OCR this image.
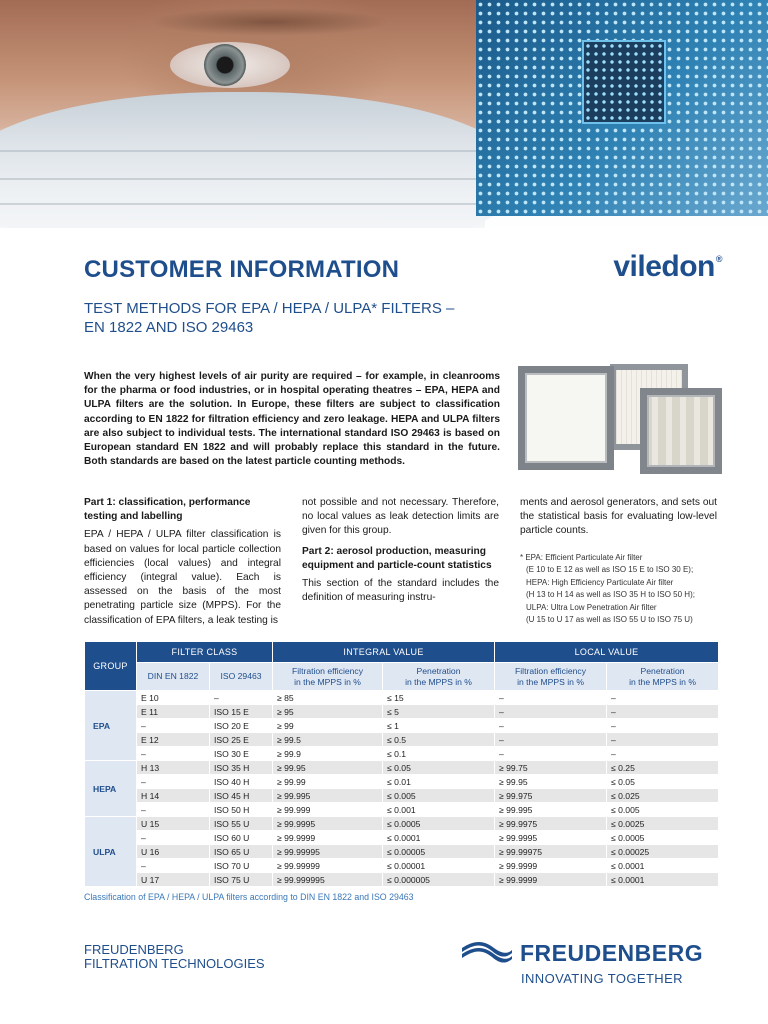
CUSTOMER INFORMATION
TEST METHODS FOR EPA / HEPA / ULPA* FILTERS –
EN 1822 AND ISO 29463
viledon®

When the very highest levels of air purity are required – for example, in cleanrooms for the pharma or food industries, or in hospital operating theatres – EPA, HEPA and ULPA filters are the solution. In Europe, these filters are subject to classification according to EN 1822 for filtration efficiency and zero leakage. HEPA and ULPA filters are also subject to individual tests. The international standard ISO 29463 is based on European standard EN 1822 and will probably replace this standard in the future. Both standards are based on the latest particle counting methods.

Part 1: classification, performance testing and labelling

EPA / HEPA / ULPA filter classification is based on values for local particle collection efficiencies (local values) and integral efficiency (integral value). Each is assessed on the basis of the most penetrating particle size (MPPS). For the classification of EPA filters, a leak testing is

not possible and not necessary. Therefore, no local values as leak detection limits are given for this group.

Part 2: aerosol production, measuring equipment and particle-count statistics

This section of the standard includes the definition of measuring instru-

ments and aerosol generators, and sets out the statistical basis for evaluating low-level particle counts.

* EPA: Efficient Particulate Air filter
(E 10 to E 12 as well as ISO 15 E to ISO 30 E);
HEPA: High Efficiency Particulate Air filter
(H 13 to H 14 as well as ISO 35 H to ISO 50 H);
ULPA: Ultra Low Penetration Air filter
(U 15 to U 17 as well as ISO 55 U to ISO 75 U)
GROUP	FILTER CLASS		INTEGRAL VALUE		LOCAL VALUE	
	DIN EN 1822	ISO 29463	Filtration efficiency
in the MPPS in %	Penetration
in the MPPS in %	Filtration efficiency
in the MPPS in %	Penetration
in the MPPS in %
EPA	E 10	–	≥ 85	≤ 15	–	–
	E 11	ISO 15 E	≥ 95	≤ 5	–	–
	–	ISO 20 E	≥ 99	≤ 1	–	–
	E 12	ISO 25 E	≥ 99.5	≤ 0.5	–	–
	–	ISO 30 E	≥ 99.9	≤ 0.1	–	–
HEPA	H 13	ISO 35 H	≥ 99.95	≤ 0.05	≥ 99.75	≤ 0.25
	–	ISO 40 H	≥ 99.99	≤ 0.01	≥ 99.95	≤ 0.05
	H 14	ISO 45 H	≥ 99.995	≤ 0.005	≥ 99.975	≤ 0.025
	–	ISO 50 H	≥ 99.999	≤ 0.001	≥ 99.995	≤ 0.005
ULPA	U 15	ISO 55 U	≥ 99.9995	≤ 0.0005	≥ 99.9975	≤ 0.0025
	–	ISO 60 U	≥ 99.9999	≤ 0.0001	≥ 99.9995	≤ 0.0005
	U 16	ISO 65 U	≥ 99.99995	≤ 0.00005	≥ 99.99975	≤ 0.00025
	–	ISO 70 U	≥ 99.99999	≤ 0.00001	≥ 99.9999	≤ 0.0001
	U 17	ISO 75 U	≥ 99.999995	≤ 0.000005	≥ 99.9999	≤ 0.0001
Classification of EPA / HEPA / ULPA filters according to DIN EN 1822 and ISO 29463
FREUDENBERG
FILTRATION TECHNOLOGIES	FREUDENBERG
INNOVATING TOGETHER
